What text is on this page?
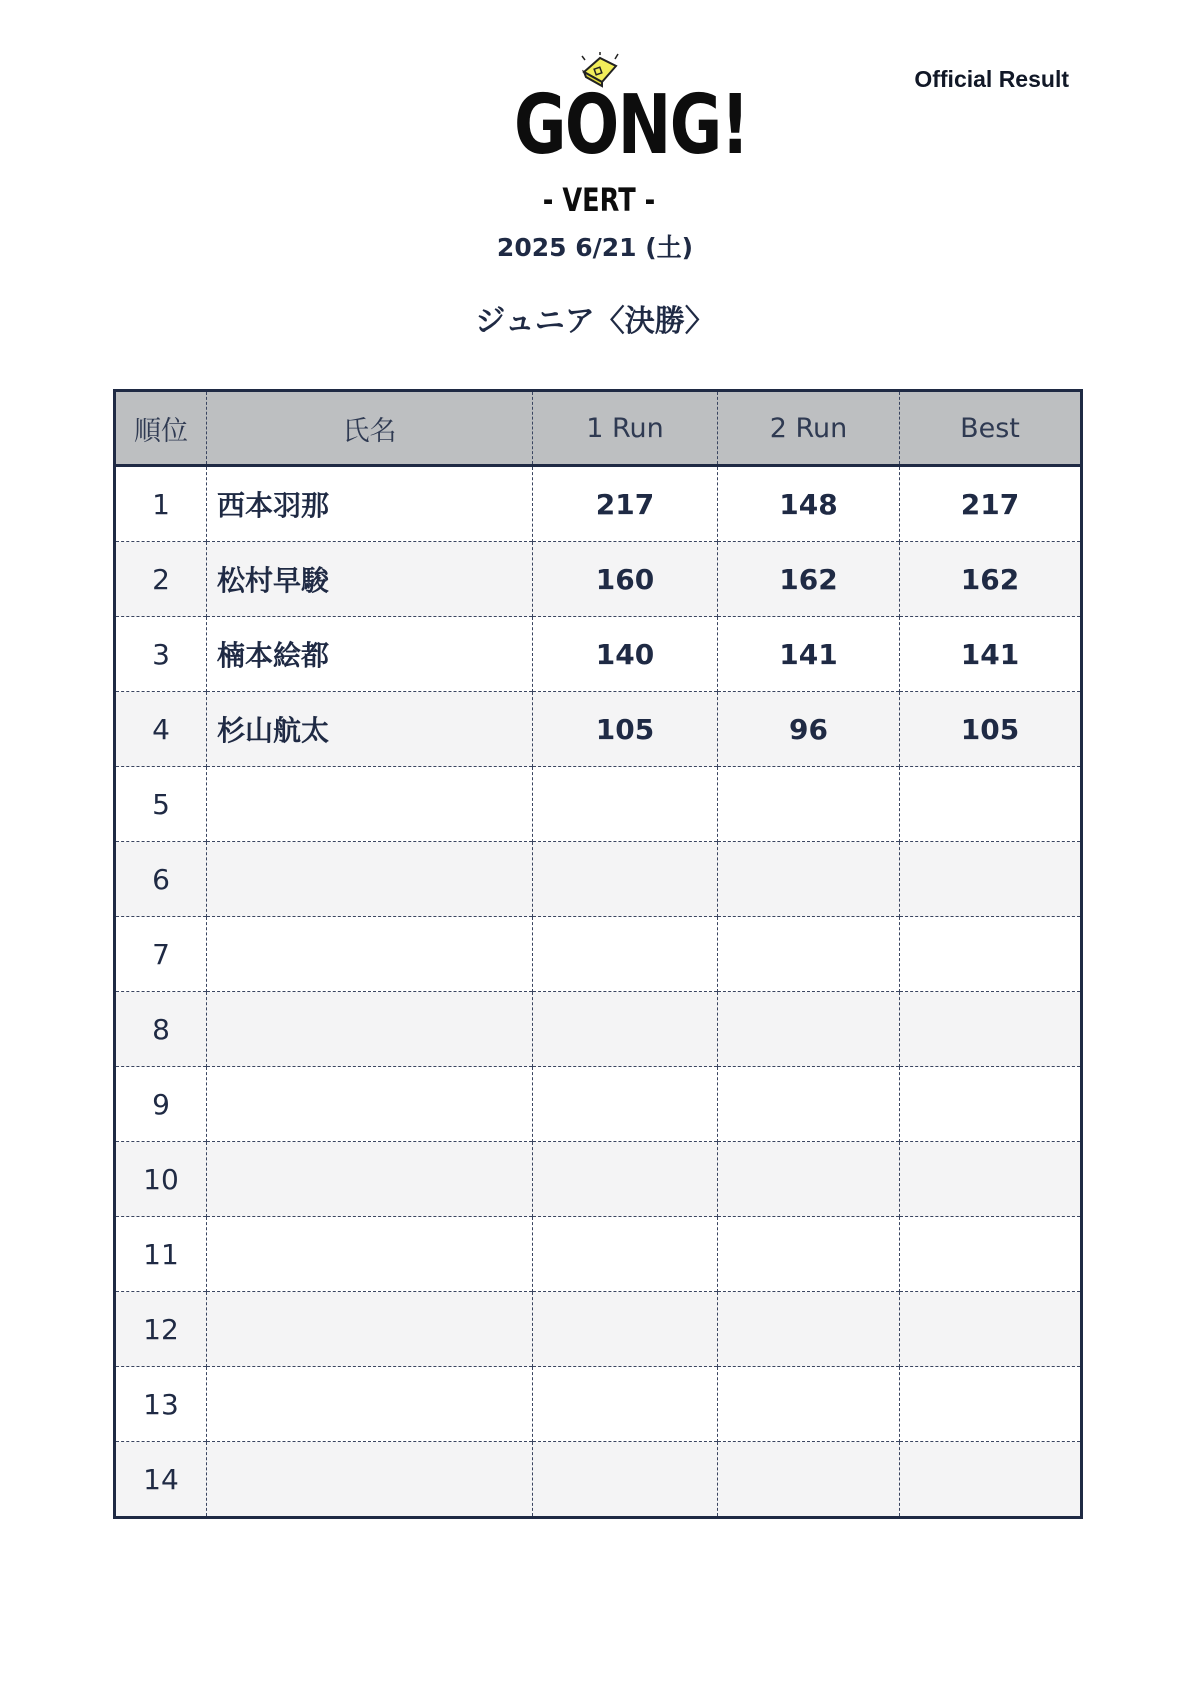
Official Result
GONG!
- VERT -
2025 6/21 (土)
ジュニア〈決勝〉
順位	氏名	1 Run	2 Run	Best
1	西本羽那	217	148	217
2	松村早駿	160	162	162
3	楠本絵都	140	141	141
4	杉山航太	105	96	105
5				
6				
7				
8				
9				
10				
11				
12				
13				
14				
